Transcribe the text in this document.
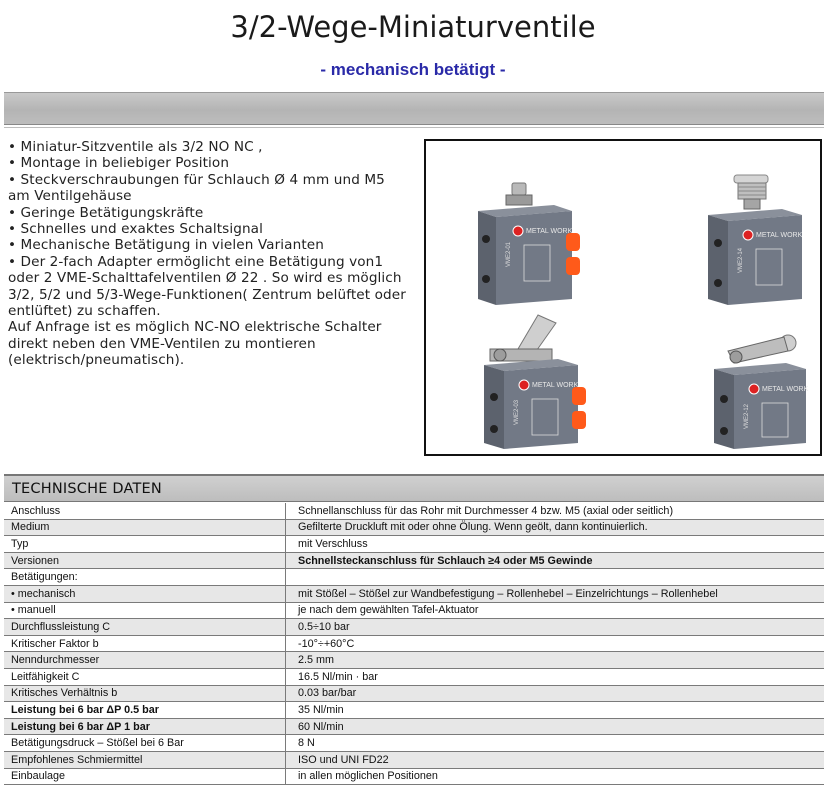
3/2-Wege-Miniaturventile
- mechanisch betätigt -
• Miniatur-Sitzventile als 3/2 NO NC ,
• Montage in beliebiger Position
• Steckverschraubungen für Schlauch Ø 4 mm und M5
am Ventilgehäuse
• Geringe Betätigungskräfte
• Schnelles und exaktes Schaltsignal
• Mechanische Betätigung in vielen Varianten
• Der 2-fach Adapter ermöglicht eine Betätigung von1
oder 2 VME-Schalttafelventilen Ø 22 . So wird es möglich
3/2, 5/2 und 5/3-Wege-Funktionen( Zentrum belüftet oder
entlüftet) zu schaffen.
Auf Anfrage ist es möglich NC-NO elektrische Schalter
direkt neben den VME-Ventilen zu montieren
(elektrisch/pneumatisch).
METAL WORK
VME2-01
METAL WORK
VME2-14
METAL WORK
VME2-03
METAL WORK
VME2-12
TECHNISCHE DATEN
Anschluss	Schnellanschluss für das Rohr mit Durchmesser 4 bzw. M5 (axial oder seitlich)
Medium	Gefilterte Druckluft mit oder ohne Ölung. Wenn geölt, dann kontinuierlich.
Typ	mit Verschluss
Versionen	Schnellsteckanschluss für Schlauch ≥4 oder M5 Gewinde
Betätigungen:	
• mechanisch	mit Stößel – Stößel zur Wandbefestigung – Rollenhebel – Einzelrichtungs – Rollenhebel
• manuell	je nach dem gewählten Tafel-Aktuator
Durchflussleistung C	0.5÷10 bar
Kritischer Faktor b	-10°÷+60°C
Nenndurchmesser	2.5 mm
Leitfähigkeit C	16.5 Nl/min · bar
Kritisches Verhältnis b	0.03 bar/bar
Leistung bei 6 bar ΔP 0.5 bar	35 Nl/min
Leistung bei 6 bar ΔP 1 bar	60 Nl/min
Betätigungsdruck – Stößel bei 6 Bar	8 N
Empfohlenes Schmiermittel	ISO und UNI FD22
Einbaulage	in allen möglichen Positionen
